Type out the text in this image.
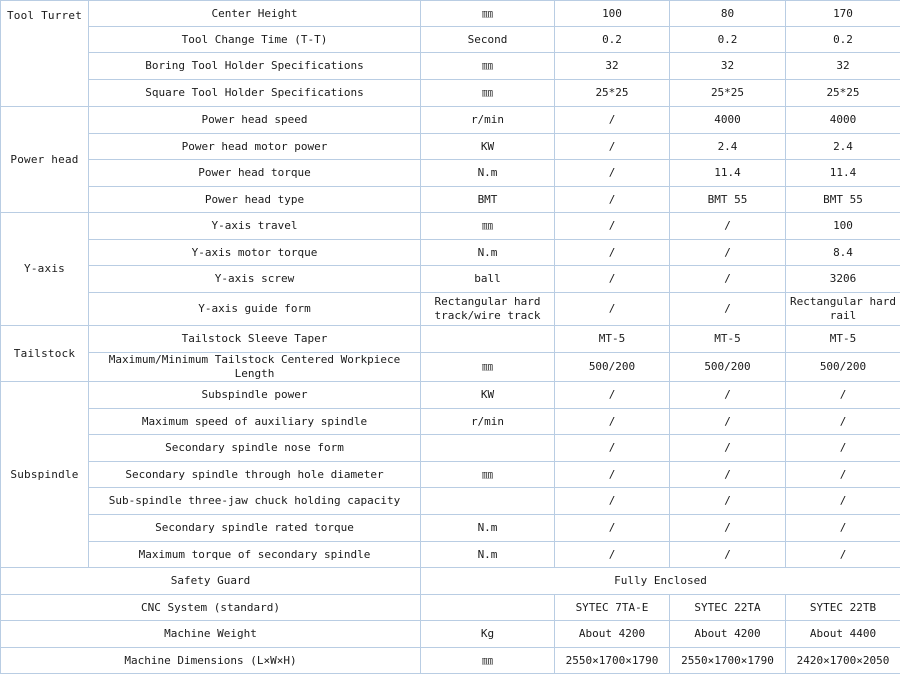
Tool Turret	Center Height	㎜	100	80	170
	Tool Change Time (T-T)	Second	0.2	0.2	0.2
	Boring Tool Holder Specifications	㎜	32	32	32
	Square Tool Holder Specifications	㎜	25*25	25*25	25*25
Power head	Power head speed	r/min	/	4000	4000
	Power head motor power	KW	/	2.4	2.4
	Power head torque	N.m	/	11.4	11.4
	Power head type	BMT	/	BMT 55	BMT 55
Y-axis	Y-axis travel	㎜	/	/	100
	Y-axis motor torque	N.m	/	/	8.4
	Y-axis screw	ball	/	/	3206
	Y-axis guide form	Rectangular hard track/wire track	/	/	Rectangular hard rail
Tailstock	Tailstock Sleeve Taper		MT-5	MT-5	MT-5
	Maximum/Minimum Tailstock Centered Workpiece Length	㎜	500/200	500/200	500/200
Subspindle	Subspindle power	KW	/	/	/
	Maximum speed of auxiliary spindle	r/min	/	/	/
	Secondary spindle nose form		/	/	/
	Secondary spindle through hole diameter	㎜	/	/	/
	Sub-spindle three-jaw chuck holding capacity		/	/	/
	Secondary spindle rated torque	N.m	/	/	/
	Maximum torque of secondary spindle	N.m	/	/	/
Safety Guard		Fully Enclosed			
CNC System (standard)			SYTEC 7TA-E	SYTEC 22TA	SYTEC 22TB
Machine Weight		Kg	About 4200	About 4200	About 4400
Machine Dimensions (L×W×H)		㎜	2550×1700×1790	2550×1700×1790	2420×1700×2050
